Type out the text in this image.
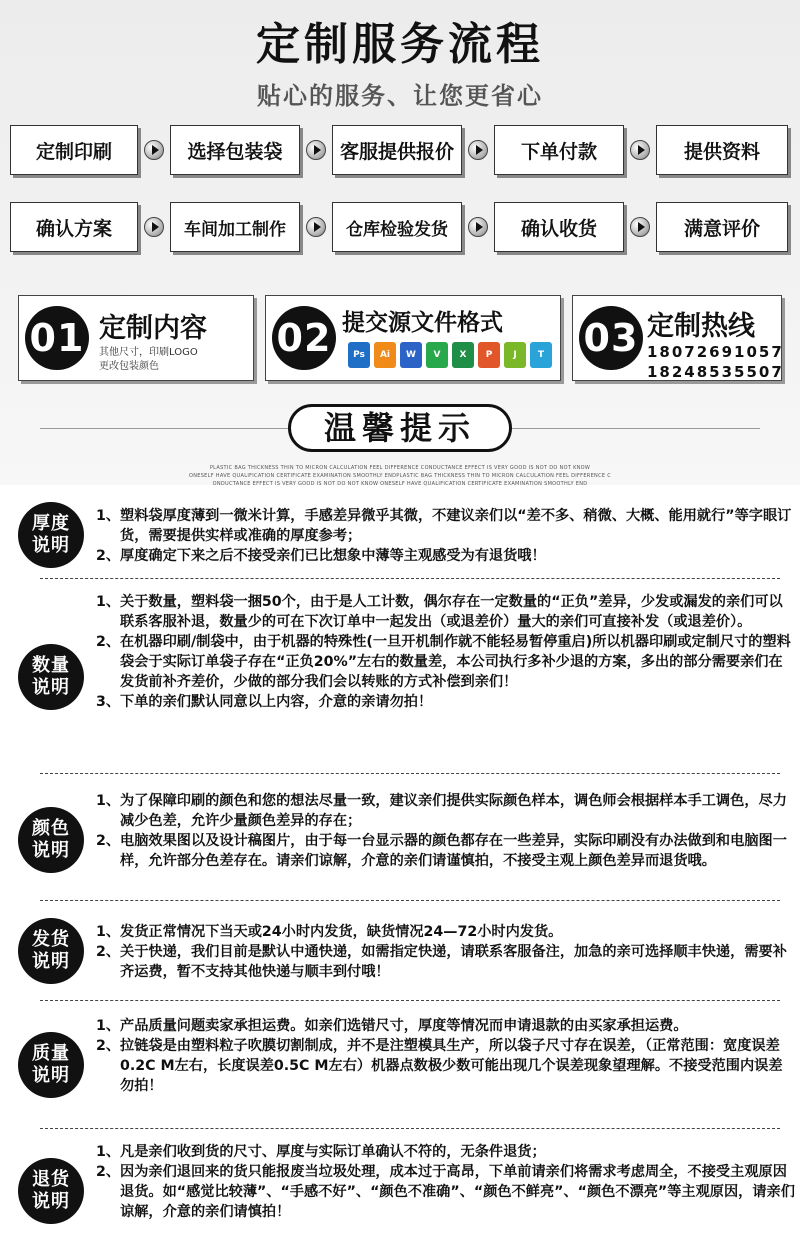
定制服务流程
贴心的服务、让您更省心
定制印刷	选择包装袋	客服提供报价	下单付款	提供资料
确认方案	车间加工制作	仓库检验发货	确认收货	满意评价
01 定制内容
其他尺寸，印刷LOGO
更改包装颜色
02 提交源文件格式
Ps	Ai	W	V	X	P	J	T 03 定制热线
18072691057
18248535507
温馨提示
PLASTIC BAG THICKNESS THIN TO MICRON CALCULATION FEEL DIFFERENCE CONDUCTANCE EFFECT IS VERY GOOD IS NOT DO NOT KNOW
ONESELF HAVE QUALIFICATION CERTIFICATE EXAMINATION SMOOTHLY ENDPLASTIC BAG THICKNESS THIN TO MICRON CALCULATION FEEL DIFFERENCE C
ONDUCTANCE EFFECT IS VERY GOOD IS NOT DO NOT KNOW ONESELF HAVE QUALIFICATION CERTIFICATE EXAMINATION SMOOTHLY END
厚度
说明

1、塑料袋厚度薄到一微米计算，手感差异微乎其微，不建议亲们以“差不多、稍微、大概、能用就行”等字眼订货，需要提供实样或准确的厚度参考；

2、厚度确定下来之后不接受亲们已比想象中薄等主观感受为有退货哦！

数量
说明

1、关于数量，塑料袋一捆50个，由于是人工计数，偶尔存在一定数量的“正负”差异，少发或漏发的亲们可以联系客服补退，数量少的可在下次订单中一起发出（或退差价）量大的亲们可直接补发（或退差价）。

2、在机器印刷/制袋中，由于机器的特殊性(一旦开机制作就不能轻易暂停重启)所以机器印刷或定制尺寸的塑料袋会于实际订单袋子存在“正负20%”左右的数量差，本公司执行多补少退的方案，多出的部分需要亲们在发货前补齐差价，少做的部分我们会以转账的方式补偿到亲们！

3、下单的亲们默认同意以上内容，介意的亲请勿拍！

颜色
说明

1、为了保障印刷的颜色和您的想法尽量一致，建议亲们提供实际颜色样本，调色师会根据样本手工调色，尽力减少色差，允许少量颜色差异的存在；

2、电脑效果图以及设计稿图片，由于每一台显示器的颜色都存在一些差异，实际印刷没有办法做到和电脑图一样，允许部分色差存在。请亲们谅解，介意的亲们请谨慎拍，不接受主观上颜色差异而退货哦。

发货
说明

1、发货正常情况下当天或24小时内发货，缺货情况24—72小时内发货。

2、关于快递，我们目前是默认中通快递，如需指定快递，请联系客服备注，加急的亲可选择顺丰快递，需要补齐运费，暂不支持其他快递与顺丰到付哦！

质量
说明

1、产品质量问题卖家承担运费。如亲们选错尺寸，厚度等情况而申请退款的由买家承担运费。

2、拉链袋是由塑料粒子吹膜切割制成，并不是注塑模具生产，所以袋子尺寸存在误差，（正常范围：宽度误差0.2C M左右，长度误差0.5C M左右）机器点数极少数可能出现几个误差现象望理解。不接受范围内误差勿拍！

退货
说明

1、凡是亲们收到货的尺寸、厚度与实际订单确认不符的，无条件退货；

2、因为亲们退回来的货只能报废当垃圾处理，成本过于高昂，下单前请亲们将需求考虑周全，不接受主观原因退货。如“感觉比较薄”、“手感不好”、“颜色不准确”、“颜色不鲜亮”、“颜色不漂亮”等主观原因，请亲们谅解，介意的亲们请慎拍！
